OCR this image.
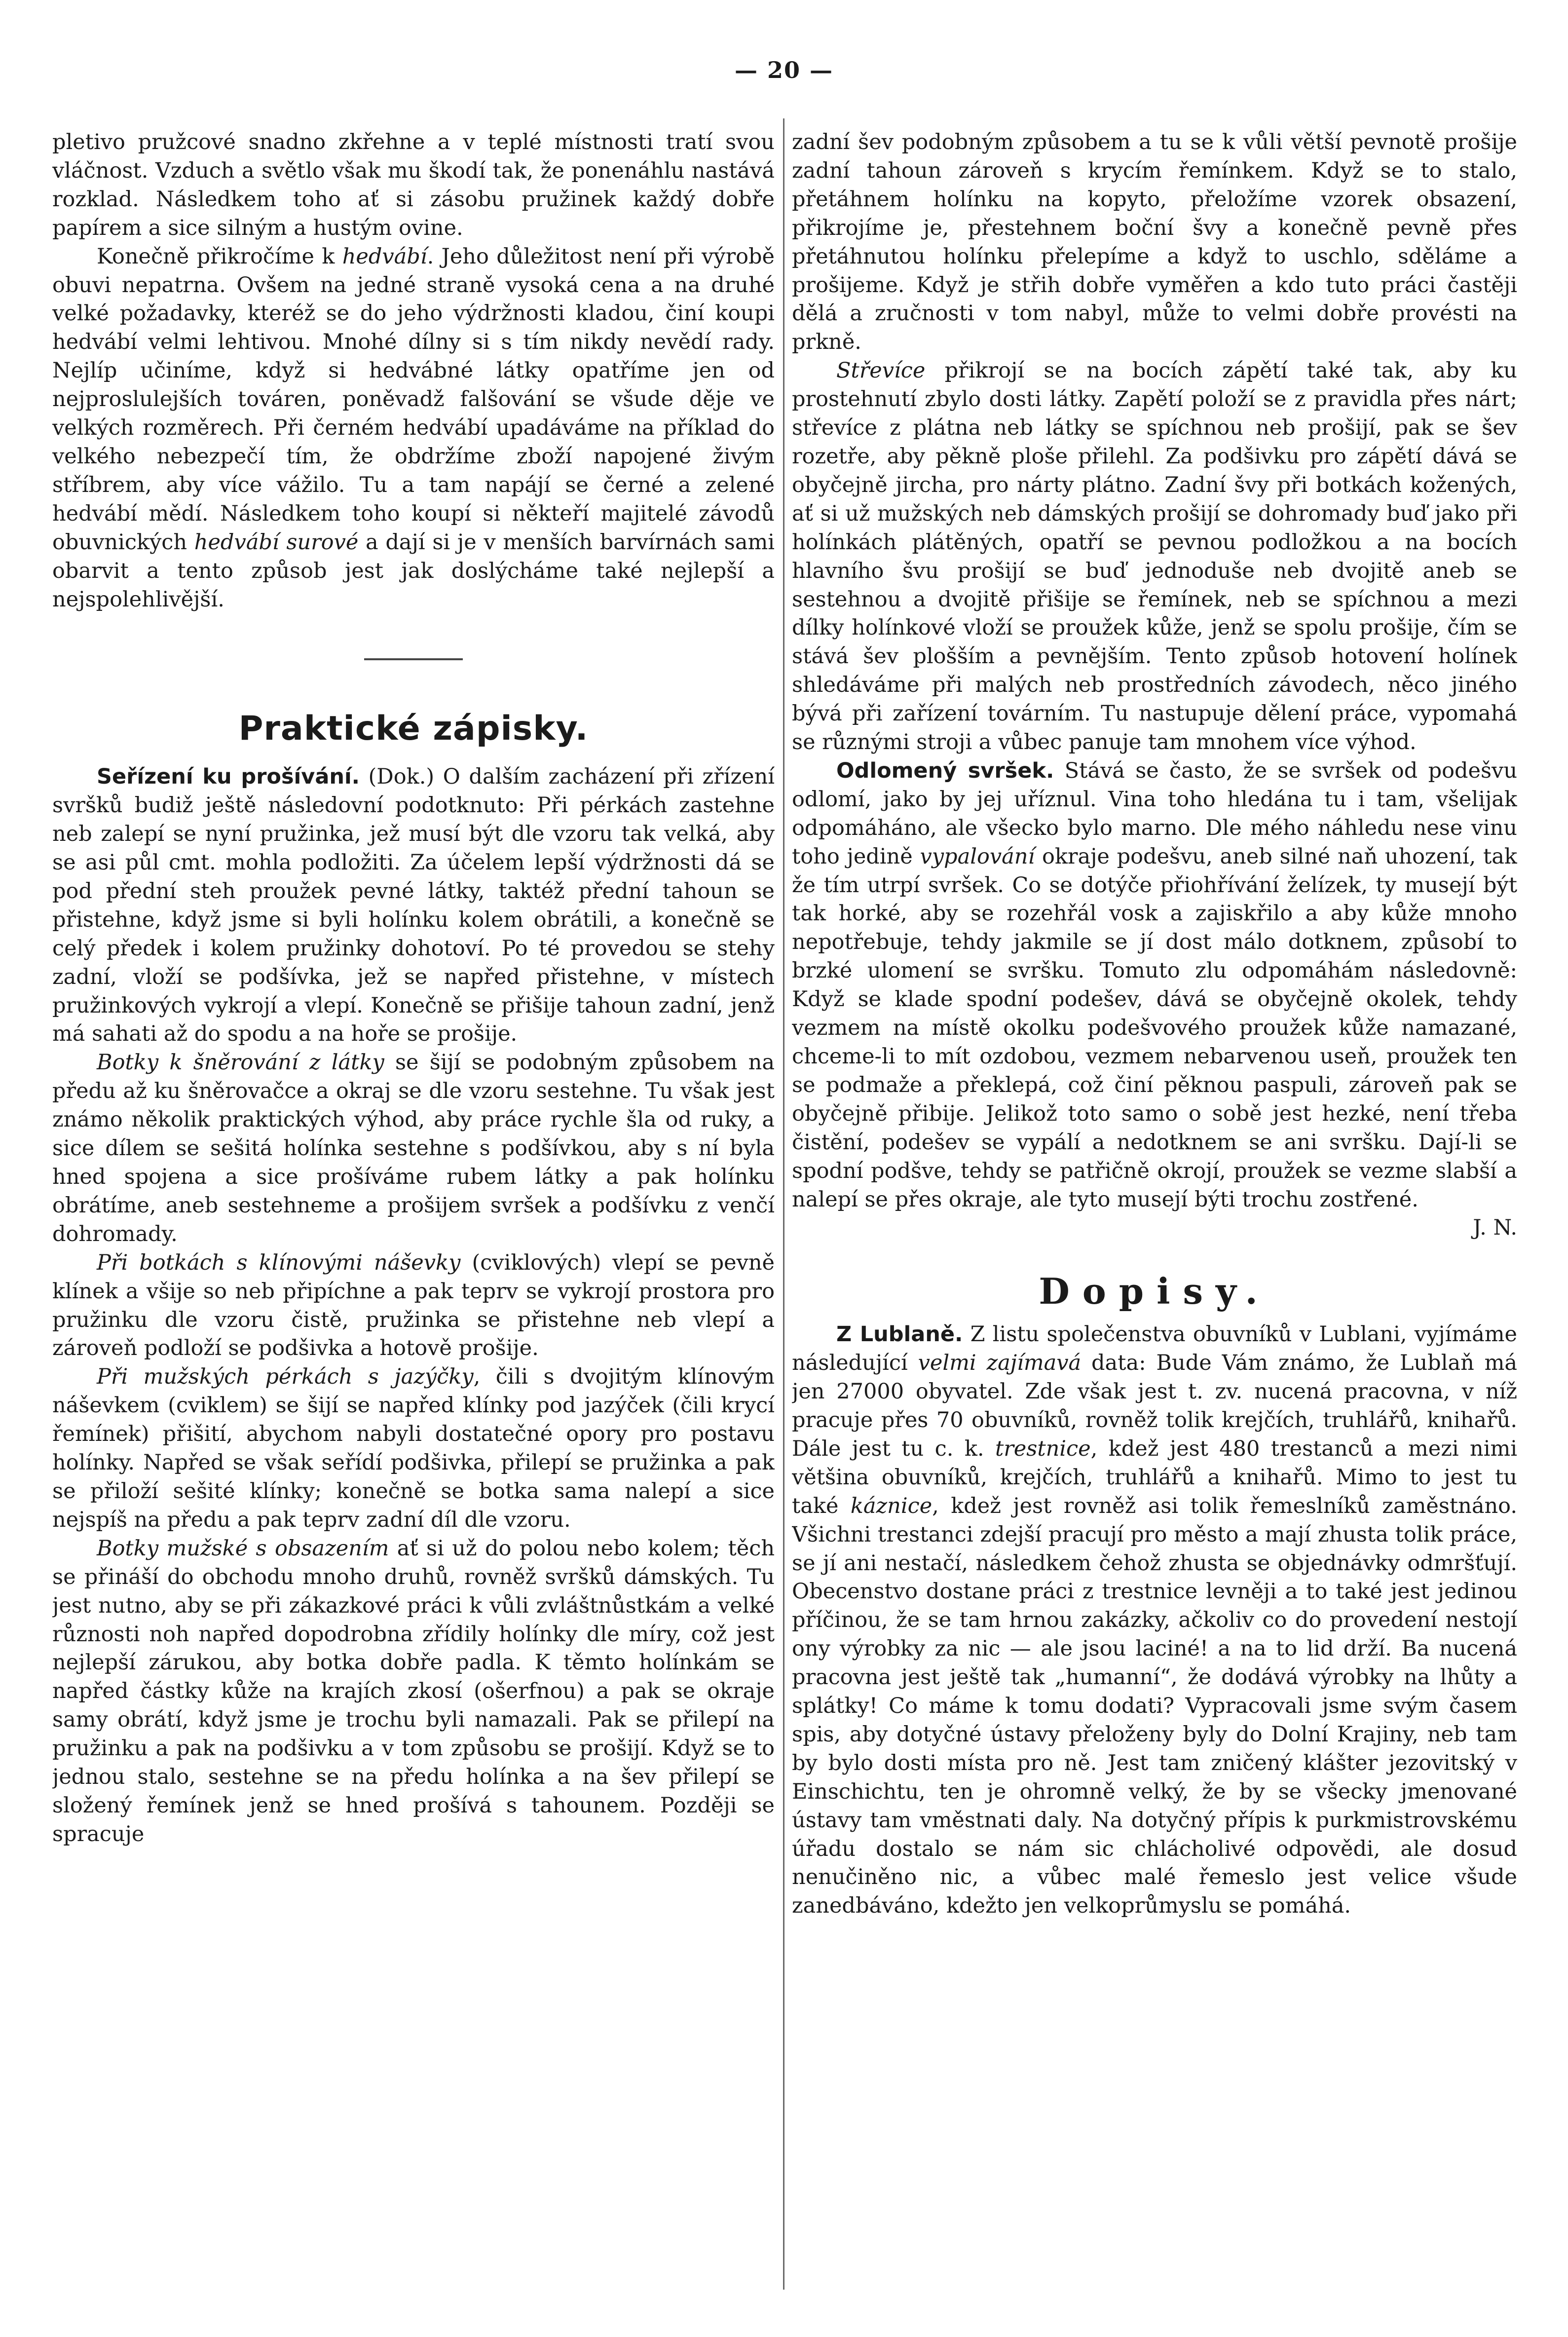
— 20 —

pletivo pružcové snadno zkřehne a v teplé místnosti tratí svou vláčnost. Vzduch a světlo však mu škodí tak, že ponenáhlu nastává rozklad. Následkem toho ať si zásobu pružinek každý dobře papírem a sice silným a hustým ovine.

Konečně přikročíme k hedvábí. Jeho důležitost není při výrobě obuvi nepatrna. Ovšem na jedné straně vysoká cena a na druhé velké požadavky, kteréž se do jeho výdržnosti kladou, činí koupi hedvábí velmi lehtivou. Mnohé dílny si s tím nikdy nevědí rady. Nejlíp učiníme, když si hedvábné látky opatříme jen od nejproslulejších továren, poněvadž falšování se všude děje ve velkých rozměrech. Při černém hedvábí upadáváme na příklad do velkého nebezpečí tím, že obdržíme zboží napojené živým stříbrem, aby více vážilo. Tu a tam napájí se černé a zelené hedvábí mědí. Následkem toho koupí si někteří majitelé závodů obuvnických hedvábí surové a dají si je v menších barvírnách sami obarvit a tento způsob jest jak doslýcháme také nejlepší a nejspolehlivější.

Praktické zápisky.

Seřízení ku prošívání. (Dok.) O dalším zacházení při zřízení svršků budiž ještě následovní podotknuto: Při pérkách zastehne neb zalepí se nyní pružinka, jež musí být dle vzoru tak velká, aby se asi půl cmt. mohla podložiti. Za účelem lepší výdržnosti dá se pod přední steh proužek pevné látky, taktéž přední tahoun se přistehne, když jsme si byli holínku kolem obrátili, a konečně se celý předek i kolem pružinky dohotoví. Po té provedou se stehy zadní, vloží se podšívka, jež se napřed přistehne, v místech pružinkových vykrojí a vlepí. Konečně se přišije tahoun zadní, jenž má sahati až do spodu a na hoře se prošije.

Botky k šněrování z látky se šijí se podobným způsobem na předu až ku šněrovačce a okraj se dle vzoru sestehne. Tu však jest známo několik praktických výhod, aby práce rychle šla od ruky, a sice dílem se sešitá holínka sestehne s podšívkou, aby s ní byla hned spojena a sice prošíváme rubem látky a pak holínku obrátíme, aneb sestehneme a prošijem svršek a podšívku z venčí dohromady.

Při botkách s klínovými náševky (cviklových) vlepí se pevně klínek a všije so neb připíchne a pak teprv se vykrojí prostora pro pružinku dle vzoru čistě, pružinka se přistehne neb vlepí a zároveň podloží se podšivka a hotově prošije.

Při mužských pérkách s jazýčky, čili s dvojitým klínovým náševkem (cviklem) se šijí se napřed klínky pod jazýček (čili krycí řemínek) přišití, abychom nabyli dostatečné opory pro postavu holínky. Napřed se však seřídí podšivka, přilepí se pružinka a pak se přiloží sešité klínky; konečně se botka sama nalepí a sice nejspíš na předu a pak teprv zadní díl dle vzoru.

Botky mužské s obsazením ať si už do polou nebo kolem; těch se přináší do obchodu mnoho druhů, rovněž svršků dámských. Tu jest nutno, aby se při zákazkové práci k vůli zvláštnůstkám a velké různosti noh napřed dopodrobna zřídily holínky dle míry, což jest nejlepší zárukou, aby botka dobře padla. K těmto holínkám se napřed částky kůže na krajích zkosí (ošerfnou) a pak se okraje samy obrátí, když jsme je trochu byli namazali. Pak se přilepí na pružinku a pak na podšivku a v tom způsobu se prošijí. Když se to jednou stalo, sestehne se na předu holínka a na šev přilepí se složený řemínek jenž se hned prošívá s tahounem. Později se spracuje

zadní šev podobným způsobem a tu se k vůli větší pevnotě prošije zadní tahoun zároveň s krycím řemínkem. Když se to stalo, přetáhnem holínku na kopyto, přeložíme vzorek obsazení, přikrojíme je, přestehnem boční švy a konečně pevně přes přetáhnutou holínku přelepíme a když to uschlo, sděláme a prošijeme. Když je střih dobře vyměřen a kdo tuto práci častěji dělá a zručnosti v tom nabyl, může to velmi dobře provésti na prkně.

Střevíce přikrojí se na bocích zápětí také tak, aby ku prostehnutí zbylo dosti látky. Zapětí položí se z pravidla přes nárt; střevíce z plátna neb látky se spíchnou neb prošijí, pak se šev rozetře, aby pěkně ploše přilehl. Za podšivku pro zápětí dává se obyčejně jircha, pro nárty plátno. Zadní švy při botkách kožených, ať si už mužských neb dámských prošijí se dohromady buď jako při holínkách plátěných, opatří se pevnou podložkou a na bocích hlavního švu prošijí se buď jednoduše neb dvojitě aneb se sestehnou a dvojitě přišije se řemínek, neb se spíchnou a mezi dílky holínkové vloží se proužek kůže, jenž se spolu prošije, čím se stává šev plošším a pevnějším. Tento způsob hotovení holínek shledáváme při malých neb prostředních závodech, něco jiného bývá při zařízení továrním. Tu nastupuje dělení práce, vypomahá se různými stroji a vůbec panuje tam mnohem více výhod.

Odlomený svršek. Stává se často, že se svršek od podešvu odlomí, jako by jej uříznul. Vina toho hledána tu i tam, všelijak odpomáháno, ale všecko bylo marno. Dle mého náhledu nese vinu toho jedině vypalování okraje podešvu, aneb silné naň uhození, tak že tím utrpí svršek. Co se dotýče přiohřívání želízek, ty musejí být tak horké, aby se rozehřál vosk a zajiskřilo a aby kůže mnoho nepotřebuje, tehdy jakmile se jí dost málo dotknem, způsobí to brzké ulomení se svršku. Tomuto zlu odpomáhám následovně: Když se klade spodní podešev, dává se obyčejně okolek, tehdy vezmem na místě okolku podešvového proužek kůže namazané, chceme-li to mít ozdobou, vezmem nebarvenou useň, proužek ten se podmaže a překlepá, což činí pěknou paspuli, zároveň pak se obyčejně přibije. Jelikož toto samo o sobě jest hezké, není třeba čistění, podešev se vypálí a nedotknem se ani svršku. Dají-li se spodní podšve, tehdy se patřičně okrojí, proužek se vezme slabší a nalepí se přes okraje, ale tyto musejí býti trochu zostřené.

J. N.

Dopisy.

Z Lublaně. Z listu společenstva obuvníků v Lublani, vyjímáme následující velmi zajímavá data: Bude Vám známo, že Lublaň má jen 27000 obyvatel. Zde však jest t. zv. nucená pracovna, v níž pracuje přes 70 obuvníků, rovněž tolik krejčích, truhlářů, knihařů. Dále jest tu c. k. trestnice, kdež jest 480 trestanců a mezi nimi většina obuvníků, krejčích, truhlářů a knihařů. Mimo to jest tu také káznice, kdež jest rovněž asi tolik řemeslníků zaměstnáno. Všichni trestanci zdejší pracují pro město a mají zhusta tolik práce, se jí ani nestačí, následkem čehož zhusta se objednávky odmršťují. Obecenstvo dostane práci z trestnice levněji a to také jest jedinou příčinou, že se tam hrnou zakázky, ačkoliv co do provedení nestojí ony výrobky za nic — ale jsou laciné! a na to lid drží. Ba nucená pracovna jest ještě tak „humanní“, že dodává výrobky na lhůty a splátky! Co máme k tomu dodati? Vypracovali jsme svým časem spis, aby dotyčné ústavy přeloženy byly do Dolní Krajiny, neb tam by bylo dosti místa pro ně. Jest tam zničený klášter jezovitský v Einschichtu, ten je ohromně velký, že by se všecky jmenované ústavy tam vměstnati daly. Na dotyčný přípis k purkmistrovskému úřadu dostalo se nám sic chlácholivé odpovědi, ale dosud nenučiněno nic, a vůbec malé řemeslo jest velice všude zanedbáváno, kdežto jen velkoprůmyslu se pomáhá.
